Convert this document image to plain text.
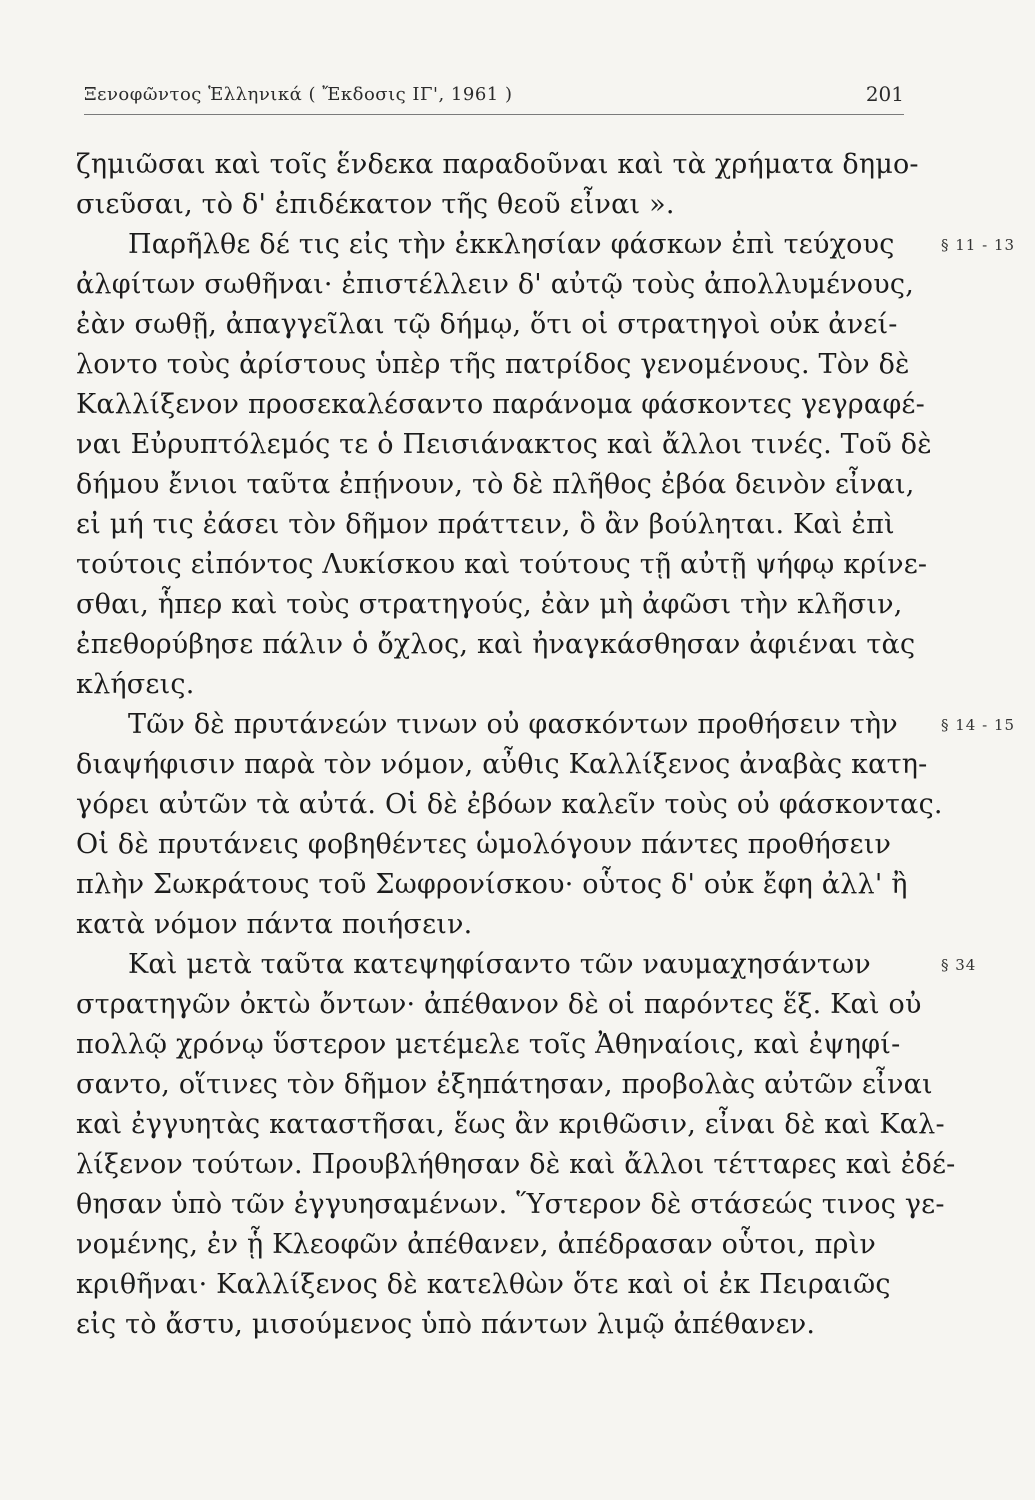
Ξενοφῶντος Ἑλληνικά ( Ἔκδοσις ΙΓ', 1961 )	201
ζημιῶσαι καὶ τοῖς ἕνδεκα παραδοῦναι καὶ τὰ χρήματα δημο-
σιεῦσαι, τὸ δ' ἐπιδέκατον τῆς θεοῦ εἶναι ».
Παρῆλθε δέ τις εἰς τὴν ἐκκλησίαν φάσκων ἐπὶ τεύχους	§ 11 - 13
ἀλφίτων σωθῆναι· ἐπιστέλλειν δ' αὐτῷ τοὺς ἀπολλυμένους,
ἐὰν σωθῇ, ἀπαγγεῖλαι τῷ δήμῳ, ὅτι οἱ στρατηγοὶ οὐκ ἀνεί-
λοντο τοὺς ἀρίστους ὑπὲρ τῆς πατρίδος γενομένους. Τὸν δὲ
Καλλίξενον προσεκαλέσαντο παράνομα φάσκοντες γεγραφέ-
ναι Εὐρυπτόλεμός τε ὁ Πεισιάνακτος καὶ ἄλλοι τινές. Τοῦ δὲ
δήμου ἔνιοι ταῦτα ἐπῄνουν, τὸ δὲ πλῆθος ἐβόα δεινὸν εἶναι,
εἰ μή τις ἐάσει τὸν δῆμον πράττειν, ὃ ἂν βούληται. Καὶ ἐπὶ
τούτοις εἰπόντος Λυκίσκου καὶ τούτους τῇ αὐτῇ ψήφῳ κρίνε-
σθαι, ἧπερ καὶ τοὺς στρατηγούς, ἐὰν μὴ ἀφῶσι τὴν κλῆσιν,
ἐπεθορύβησε πάλιν ὁ ὄχλος, καὶ ἠναγκάσθησαν ἀφιέναι τὰς
κλήσεις.
Τῶν δὲ πρυτάνεών τινων οὐ φασκόντων προθήσειν τὴν	§ 14 - 15
διαψήφισιν παρὰ τὸν νόμον, αὖθις Καλλίξενος ἀναβὰς κατη-
γόρει αὐτῶν τὰ αὐτά. Οἱ δὲ ἐβόων καλεῖν τοὺς οὐ φάσκοντας.
Οἱ δὲ πρυτάνεις φοβηθέντες ὡμολόγουν πάντες προθήσειν
πλὴν Σωκράτους τοῦ Σωφρονίσκου· οὗτος δ' οὐκ ἔφη ἀλλ' ἢ
κατὰ νόμον πάντα ποιήσειν.
Καὶ μετὰ ταῦτα κατεψηφίσαντο τῶν ναυμαχησάντων	§ 34
στρατηγῶν ὀκτὼ ὄντων· ἀπέθανον δὲ οἱ παρόντες ἕξ. Καὶ οὐ
πολλῷ χρόνῳ ὕστερον μετέμελε τοῖς Ἀθηναίοις, καὶ ἐψηφί-
σαντο, οἵτινες τὸν δῆμον ἐξηπάτησαν, προβολὰς αὐτῶν εἶναι
καὶ ἐγγυητὰς καταστῆσαι, ἕως ἂν κριθῶσιν, εἶναι δὲ καὶ Καλ-
λίξενον τούτων. Προυβλήθησαν δὲ καὶ ἄλλοι τέτταρες καὶ ἐδέ-
θησαν ὑπὸ τῶν ἐγγυησαμένων. Ὕστερον δὲ στάσεώς τινος γε-
νομένης, ἐν ᾗ Κλεοφῶν ἀπέθανεν, ἀπέδρασαν οὗτοι, πρὶν
κριθῆναι· Καλλίξενος δὲ κατελθὼν ὅτε καὶ οἱ ἐκ Πειραιῶς
εἰς τὸ ἄστυ, μισούμενος ὑπὸ πάντων λιμῷ ἀπέθανεν.
